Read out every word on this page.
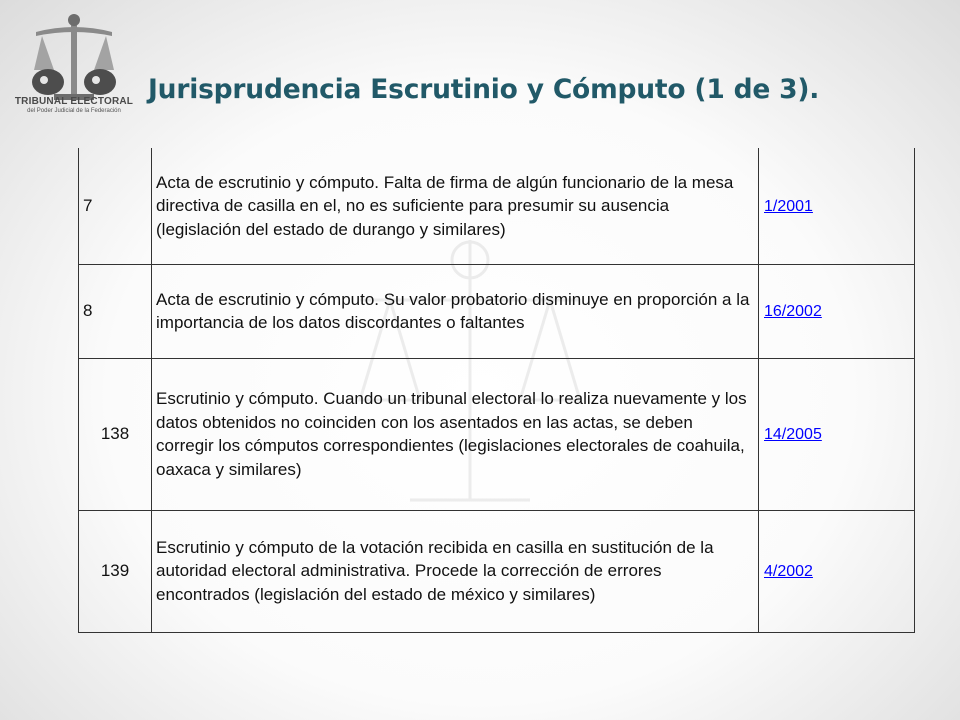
TRIBUNAL ELECTORAL
del Poder Judicial de la Federación
Jurisprudencia Escrutinio y Cómputo (1 de 3).
7	Acta de escrutinio y cómputo. Falta de firma de algún funcionario de la mesa directiva de casilla en el, no es suficiente para presumir su ausencia (legislación del estado de durango y similares)	1/2001
8	Acta de escrutinio y cómputo. Su valor probatorio disminuye en proporción a la importancia de los datos discordantes o faltantes	16/2002
138	Escrutinio y cómputo. Cuando un tribunal electoral lo realiza nuevamente y los datos obtenidos no coinciden con los asentados en las actas, se deben corregir los cómputos correspondientes (legislaciones electorales de coahuila, oaxaca y similares)	14/2005
139	Escrutinio y cómputo de la votación recibida en casilla en sustitución de la autoridad electoral administrativa. Procede la corrección de errores encontrados (legislación del estado de méxico y similares)	4/2002
